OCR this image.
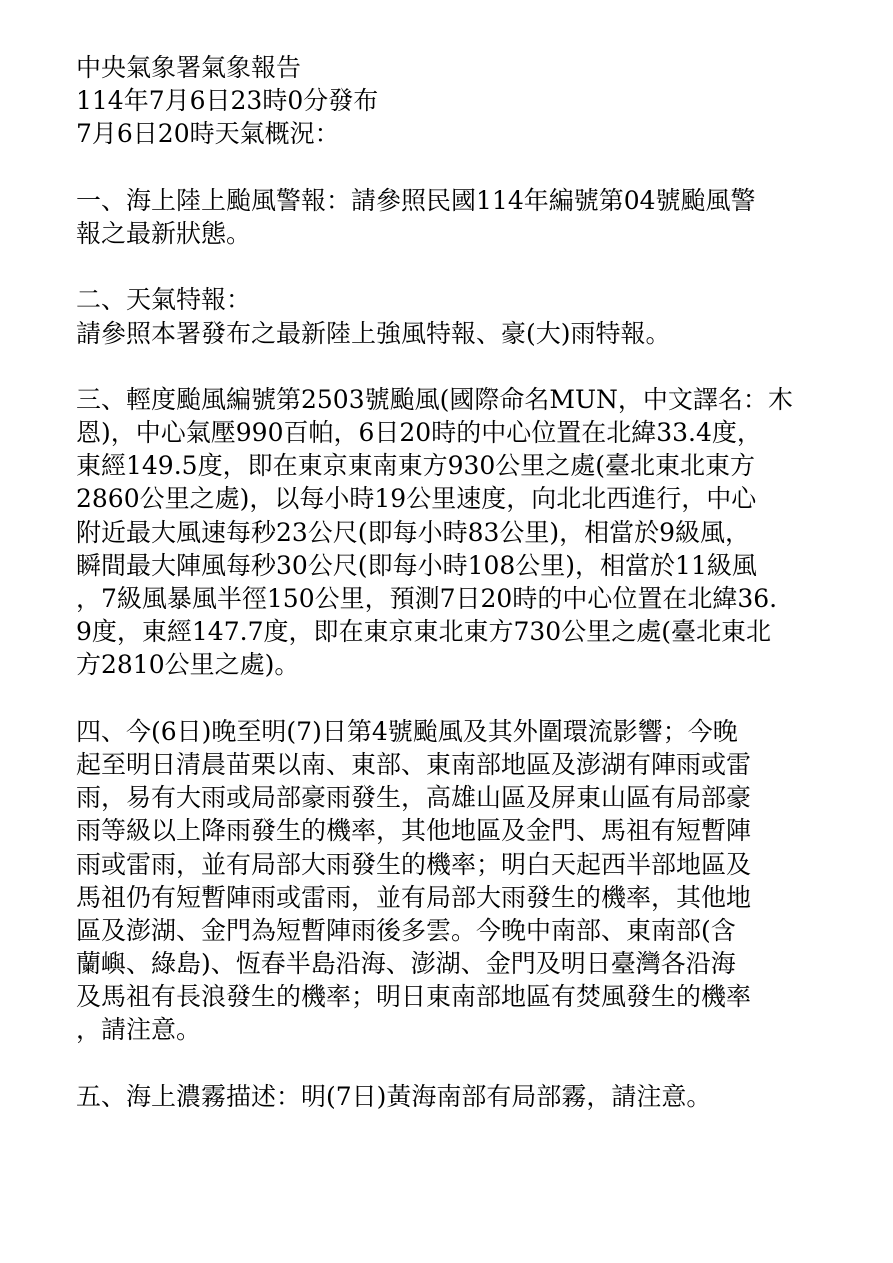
中央氣象署氣象報告
114年7月6日23時0分發布
7月6日20時天氣概況：
一、海上陸上颱風警報：請參照民國114年編號第04號颱風警
報之最新狀態。
二、天氣特報：
請參照本署發布之最新陸上強風特報、豪(大)雨特報。
三、輕度颱風編號第2503號颱風(國際命名MUN，中文譯名：木
恩)，中心氣壓990百帕，6日20時的中心位置在北緯33.4度，
東經149.5度，即在東京東南東方930公里之處(臺北東北東方
2860公里之處)，以每小時19公里速度，向北北西進行，中心
附近最大風速每秒23公尺(即每小時83公里)，相當於9級風，
瞬間最大陣風每秒30公尺(即每小時108公里)，相當於11級風
，7級風暴風半徑150公里，預測7日20時的中心位置在北緯36.
9度，東經147.7度，即在東京東北東方730公里之處(臺北東北
方2810公里之處)。
四、今(6日)晚至明(7)日第4號颱風及其外圍環流影響；今晚
起至明日清晨苗栗以南、東部、東南部地區及澎湖有陣雨或雷
雨，易有大雨或局部豪雨發生，高雄山區及屏東山區有局部豪
雨等級以上降雨發生的機率，其他地區及金門、馬祖有短暫陣
雨或雷雨，並有局部大雨發生的機率；明白天起西半部地區及
馬祖仍有短暫陣雨或雷雨，並有局部大雨發生的機率，其他地
區及澎湖、金門為短暫陣雨後多雲。今晚中南部、東南部(含
蘭嶼、綠島)、恆春半島沿海、澎湖、金門及明日臺灣各沿海
及馬祖有長浪發生的機率；明日東南部地區有焚風發生的機率
，請注意。
五、海上濃霧描述：明(7日)黃海南部有局部霧，請注意。
